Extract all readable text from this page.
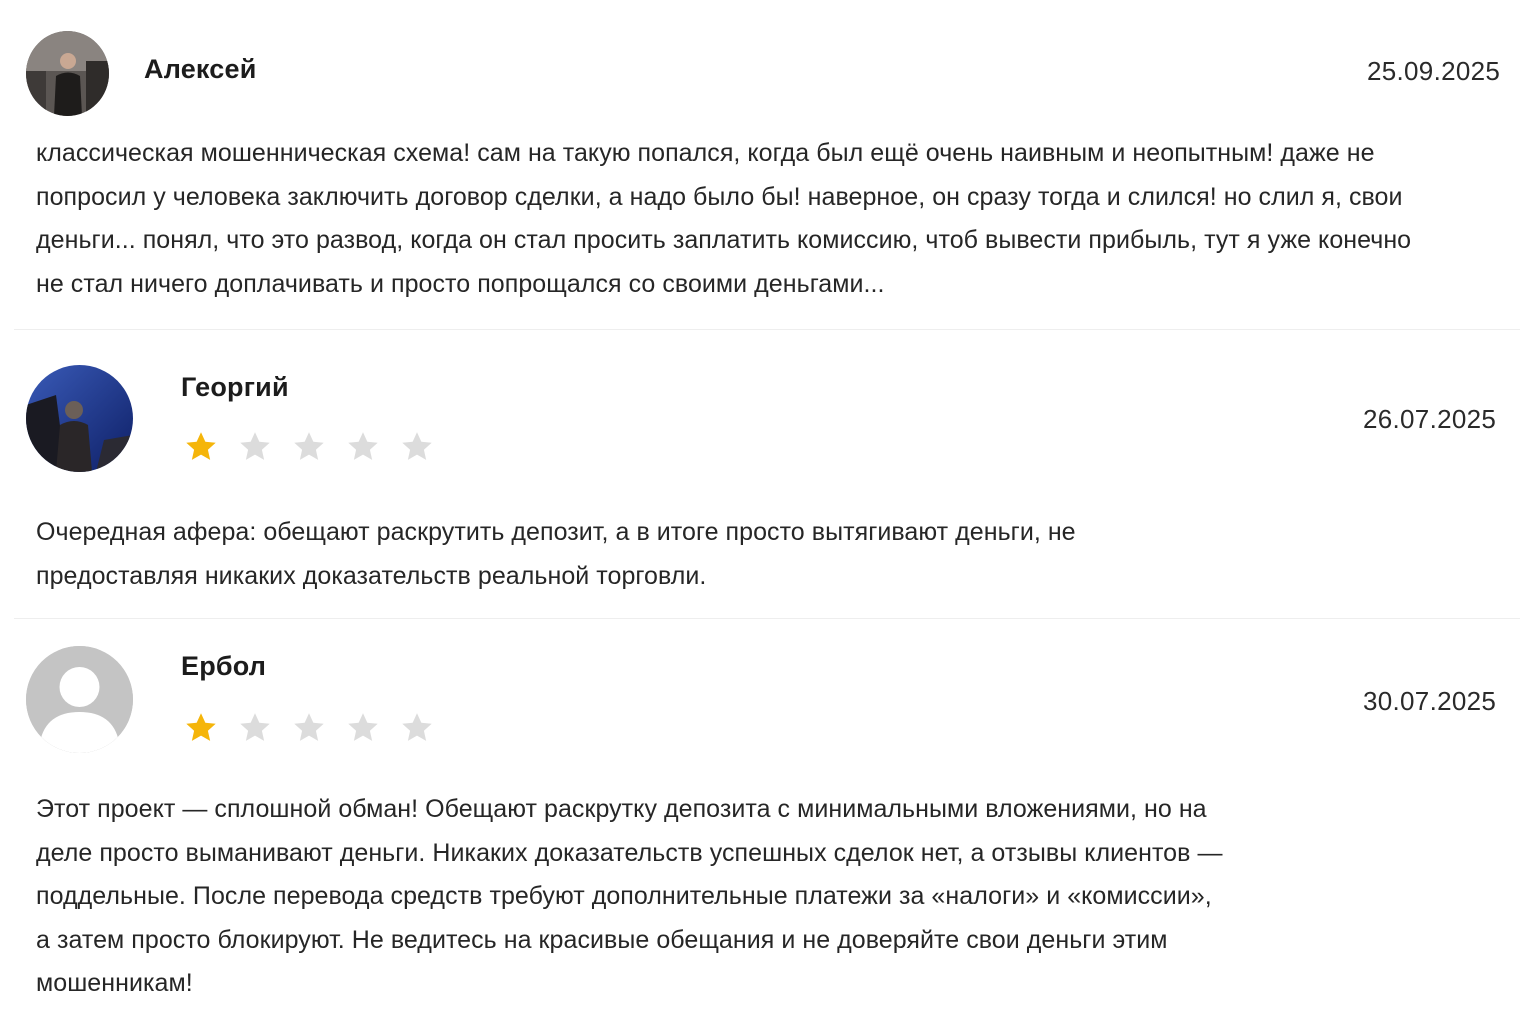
Алексей	25.09.2025
классическая мошенническая схема! сам на такую попался, когда был ещё очень наивным и неопытным! даже не
попросил у человека заключить договор сделки, а надо было бы! наверное, он сразу тогда и слился! но слил я, свои
деньги... понял, что это развод, когда он стал просить заплатить комиссию, чтоб вывести прибыль, тут я уже конечно
не стал ничего доплачивать и просто попрощался со своими деньгами...
Георгий
26.07.2025
Очередная афера: обещают раскрутить депозит, а в итоге просто вытягивают деньги, не
предоставляя никаких доказательств реальной торговли.
Ербол
30.07.2025
Этот проект — сплошной обман! Обещают раскрутку депозита с минимальными вложениями, но на
деле просто выманивают деньги. Никаких доказательств успешных сделок нет, а отзывы клиентов —
поддельные. После перевода средств требуют дополнительные платежи за «налоги» и «комиссии»,
а затем просто блокируют. Не ведитесь на красивые обещания и не доверяйте свои деньги этим
мошенникам!
